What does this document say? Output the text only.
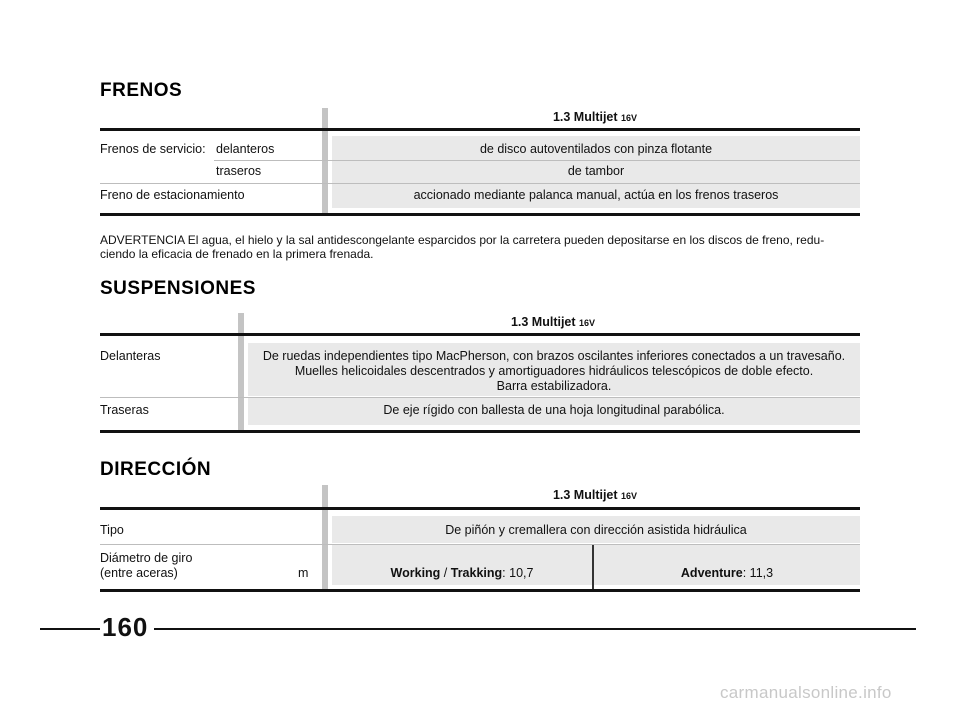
FRENOS
1.3 Multijet 16V
Frenos de servicio: delanteros	de disco autoventilados con pinza flotante
traseros	de tambor
Freno de estacionamiento	accionado mediante palanca manual, actúa en los frenos traseros
ADVERTENCIA El agua, el hielo y la sal antidescongelante esparcidos por la carretera pueden depositarse en los discos de freno, redu-
ciendo la eficacia de frenado en la primera frenada.
SUSPENSIONES
1.3 Multijet 16V
Delanteras	De ruedas independientes tipo MacPherson, con brazos oscilantes inferiores conectados a un travesaño.
Muelles helicoidales descentrados y amortiguadores hidráulicos telescópicos de doble efecto.
Barra estabilizadora.
Traseras	De eje rígido con ballesta de una hoja longitudinal parabólica.
DIRECCIÓN
1.3 Multijet 16V
Tipo	De piñón y cremallera con dirección asistida hidráulica
Diámetro de giro
(entre aceras)	m	Working / Trakking: 10,7	Adventure: 11,3
160
carmanualsonline.info
